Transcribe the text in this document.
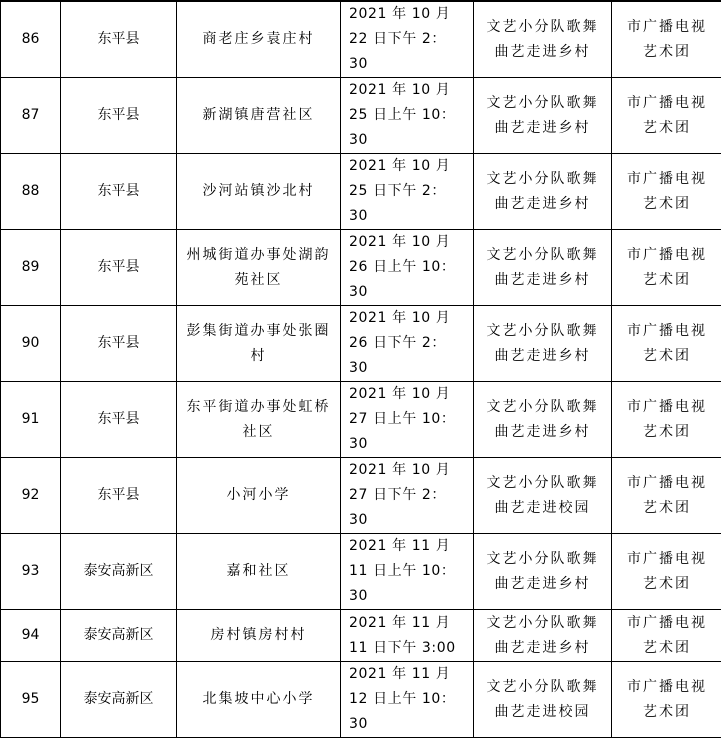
86	东平县	商老庄乡袁庄村	2021 年 10 月 22 日下午 2：30	文艺小分队歌舞曲艺走进乡村	市广播电视艺术团

87	东平县	新湖镇唐营社区	2021 年 10 月 25 日上午 10：30	文艺小分队歌舞曲艺走进乡村	市广播电视艺术团

88	东平县	沙河站镇沙北村	2021 年 10 月 25 日下午 2：30	文艺小分队歌舞曲艺走进乡村	市广播电视艺术团

89	东平县	州城街道办事处湖韵苑社区	2021 年 10 月 26 日上午 10：30	文艺小分队歌舞曲艺走进乡村	市广播电视艺术团

90	东平县	彭集街道办事处张圈村	2021 年 10 月 26 日下午 2：30	文艺小分队歌舞曲艺走进乡村	市广播电视艺术团

91	东平县	东平街道办事处虹桥社区	2021 年 10 月 27 日上午 10：30	文艺小分队歌舞曲艺走进乡村	市广播电视艺术团

92	东平县	小河小学	2021 年 10 月 27 日下午 2：30	文艺小分队歌舞曲艺走进校园	市广播电视艺术团

93	泰安高新区	嘉和社区	2021 年 11 月 11 日上午 10：30	文艺小分队歌舞曲艺走进乡村	市广播电视艺术团

94	泰安高新区	房村镇房村村	2021 年 11 月 11 日下午 3:00	文艺小分队歌舞曲艺走进乡村	市广播电视艺术团

95	泰安高新区	北集坡中心小学	2021 年 11 月 12 日上午 10：30	文艺小分队歌舞曲艺走进校园	市广播电视艺术团
